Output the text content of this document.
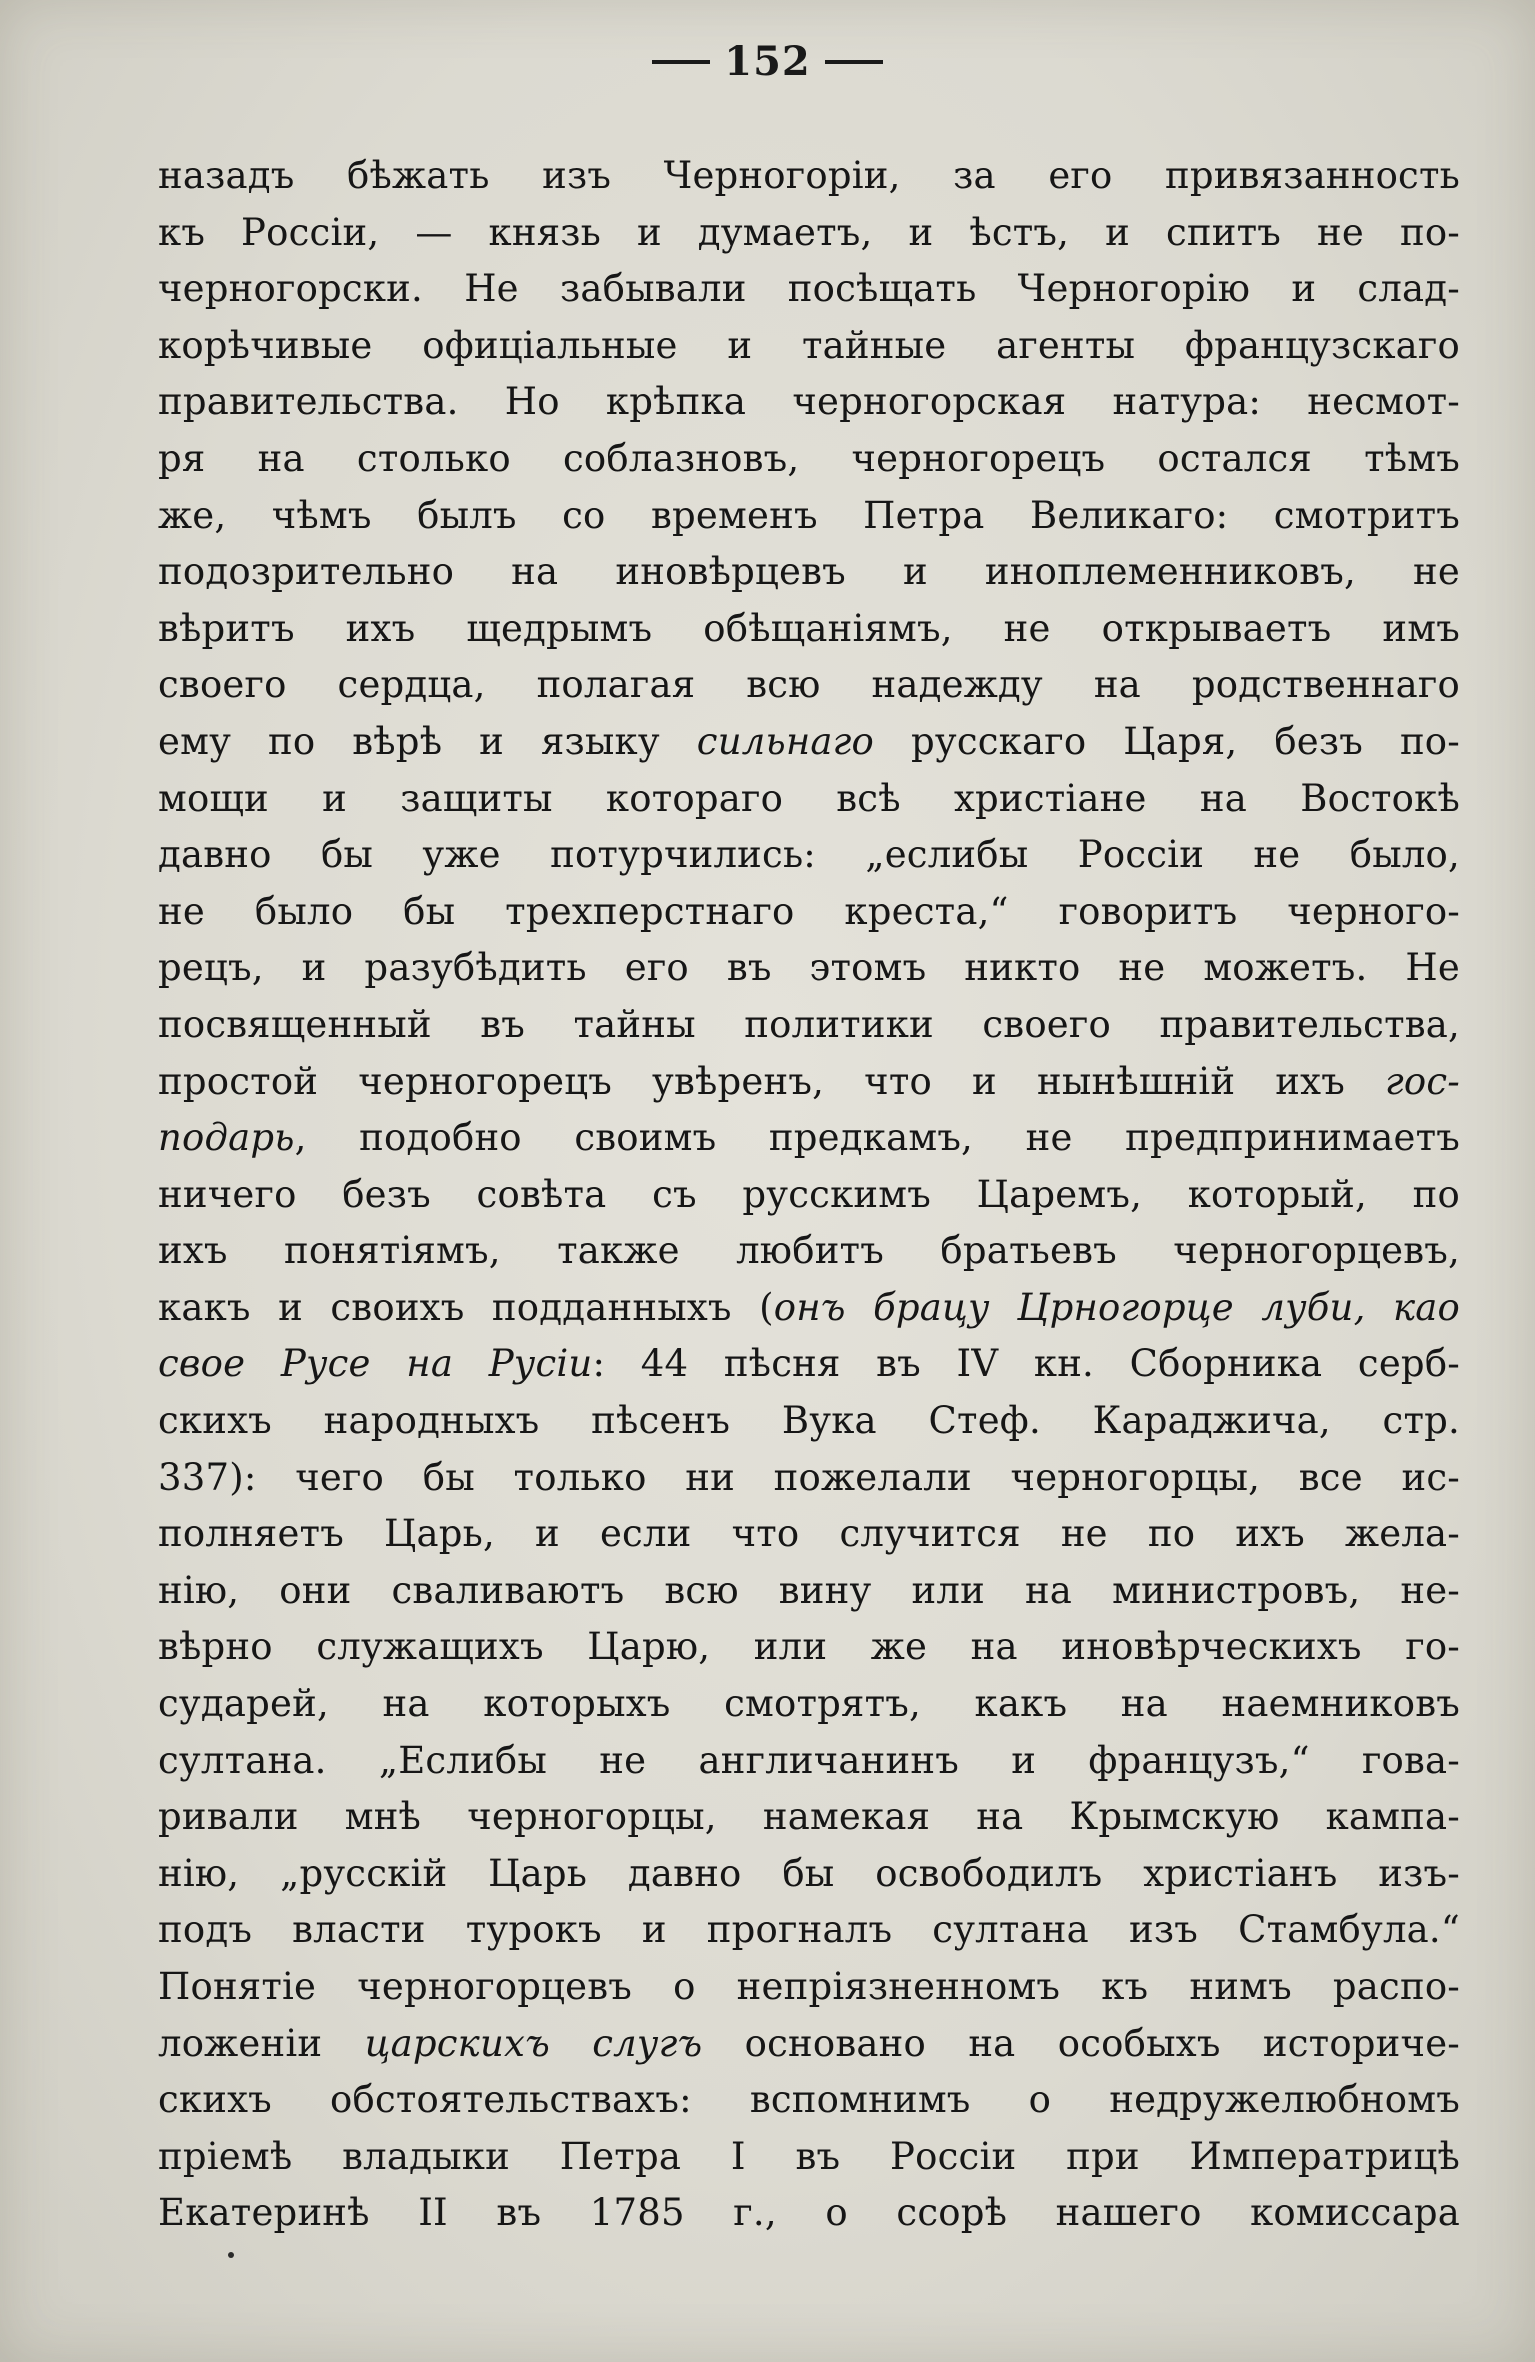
152
назадъ бѣжать изъ Черногоріи, за его привязанность
къ Россіи, — князь и думаетъ, и ѣстъ, и спитъ не по-
черногорски. Не забывали посѣщать Черногорію и слад-
корѣчивые офиціальные и тайные агенты французскаго
правительства. Но крѣпка черногорская натура: несмот-
ря на столько соблазновъ, черногорецъ остался тѣмъ
же, чѣмъ былъ со временъ Петра Великаго: смотритъ
подозрительно на иновѣрцевъ и иноплеменниковъ, не
вѣритъ ихъ щедрымъ обѣщаніямъ, не открываетъ имъ
своего сердца, полагая всю надежду на родственнаго
ему по вѣрѣ и языку сильнаго русскаго Царя, безъ по-
мощи и защиты котораго всѣ христіане на Востокѣ
давно бы уже потурчились: „еслибы Россіи не было,
не было бы трехперстнаго креста,“ говоритъ черного-
рецъ, и разубѣдить его въ этомъ никто не можетъ. Не
посвященный въ тайны политики своего правительства,
простой черногорецъ увѣренъ, что и нынѣшній ихъ гос-
подарь, подобно своимъ предкамъ, не предпринимаетъ
ничего безъ совѣта съ русскимъ Царемъ, который, по
ихъ понятіямъ, также любитъ братьевъ черногорцевъ,
какъ и своихъ подданныхъ (онъ брацу Црногорце луби, као
свое Русе на Русіи: 44 пѣсня въ IV кн. Сборника серб-
скихъ народныхъ пѣсенъ Вука Стеф. Караджича, стр.
337): чего бы только ни пожелали черногорцы, все ис-
полняетъ Царь, и если что случится не по ихъ жела-
нію, они сваливаютъ всю вину или на министровъ, не-
вѣрно служащихъ Царю, или же на иновѣрческихъ го-
сударей, на которыхъ смотрятъ, какъ на наемниковъ
султана. „Еслибы не англичанинъ и французъ,“ гова-
ривали мнѣ черногорцы, намекая на Крымскую кампа-
нію, „русскій Царь давно бы освободилъ христіанъ изъ-
подъ власти турокъ и прогналъ султана изъ Стамбула.“
Понятіе черногорцевъ о непріязненномъ къ нимъ распо-
ложеніи царскихъ слугъ основано на особыхъ историче-
скихъ обстоятельствахъ: вспомнимъ о недружелюбномъ
пріемѣ владыки Петра I въ Россіи при Императрицѣ
Екатеринѣ II въ 1785 г., о ссорѣ нашего комиссара
